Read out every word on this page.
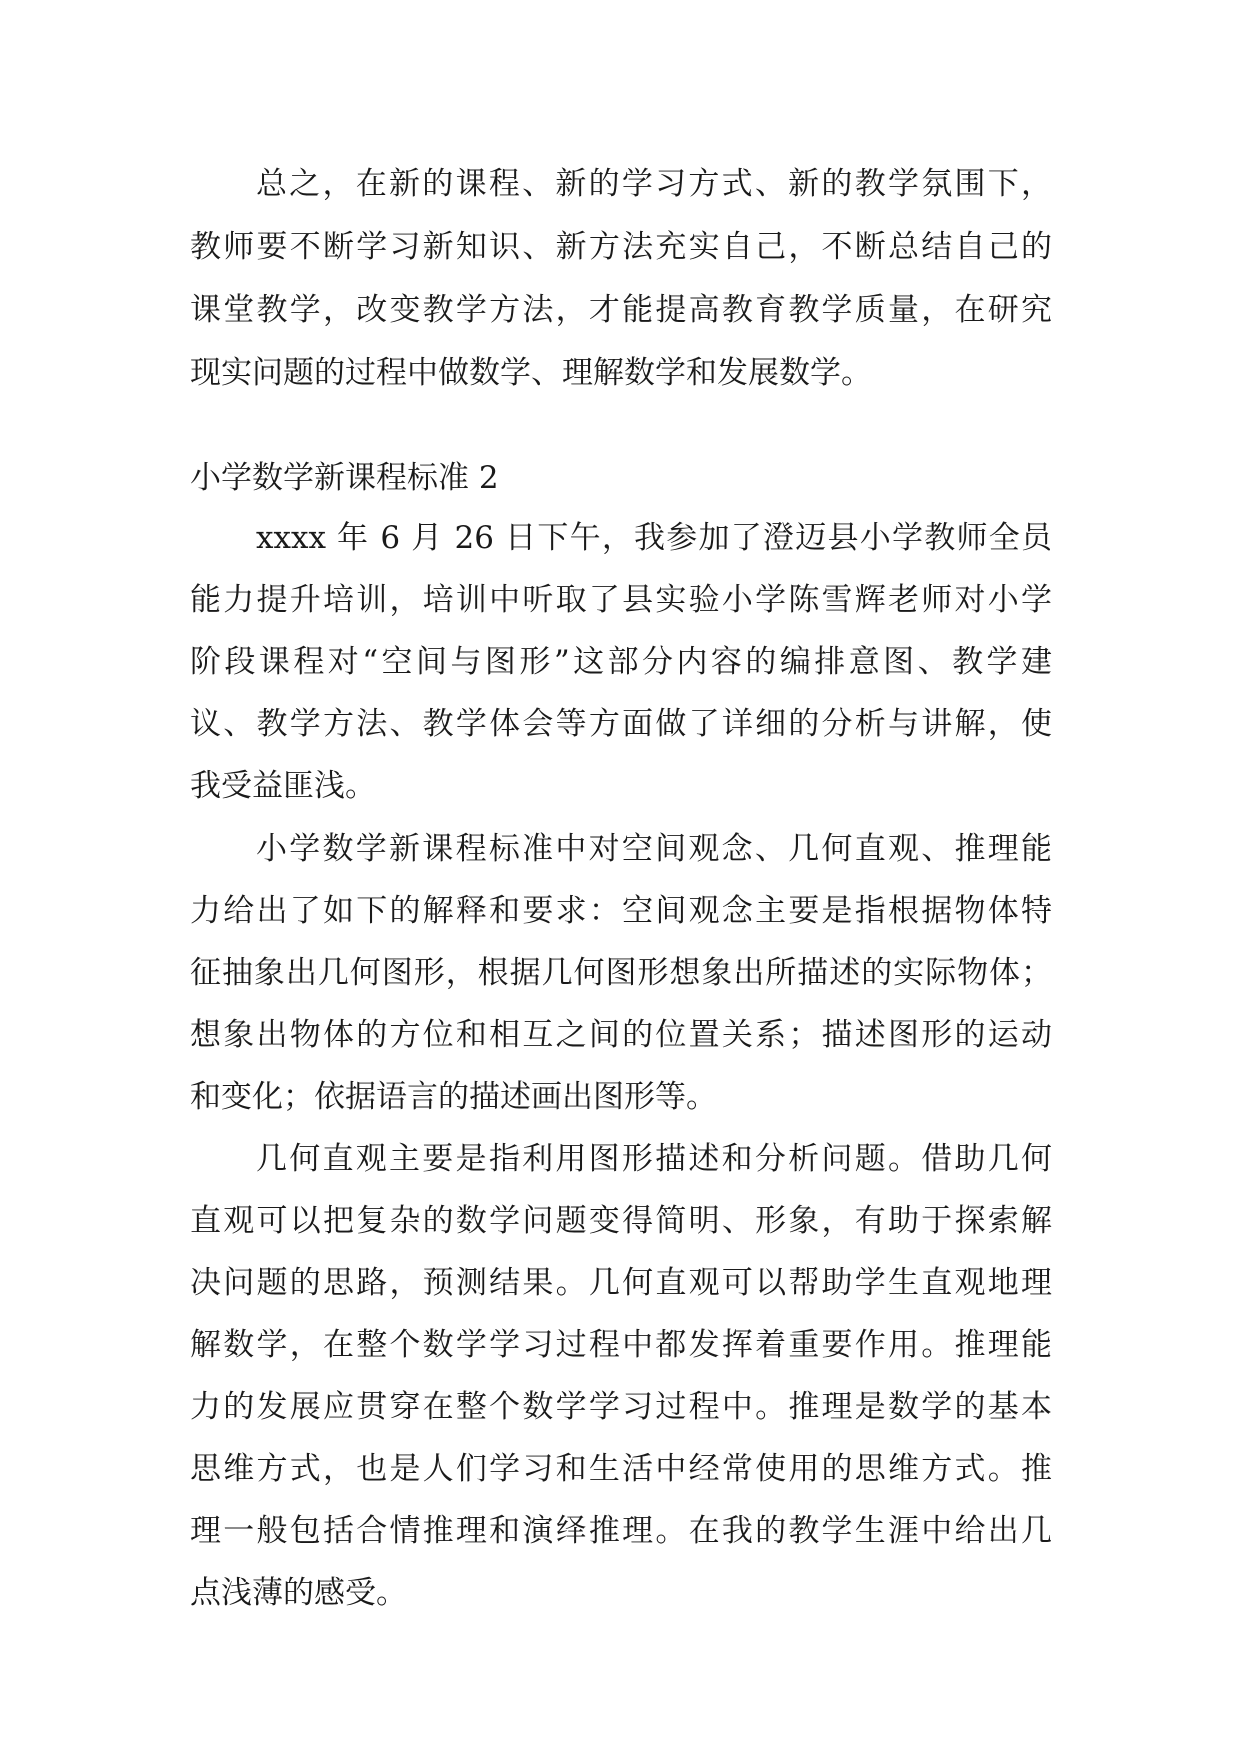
总之，在新的课程、新的学习方式、新的教学氛围下，
教师要不断学习新知识、新方法充实自己，不断总结自己的
课堂教学，改变教学方法，才能提高教育教学质量，在研究
现实问题的过程中做数学、理解数学和发展数学。
小学数学新课程标准 2
xxxx 年 6 月 26 日下午，我参加了澄迈县小学教师全员
能力提升培训，培训中听取了县实验小学陈雪辉老师对小学
阶段课程对“空间与图形”这部分内容的编排意图、教学建
议、教学方法、教学体会等方面做了详细的分析与讲解，使
我受益匪浅。
小学数学新课程标准中对空间观念、几何直观、推理能
力给出了如下的解释和要求：空间观念主要是指根据物体特
征抽象出几何图形，根据几何图形想象出所描述的实际物体；
想象出物体的方位和相互之间的位置关系；描述图形的运动
和变化；依据语言的描述画出图形等。
几何直观主要是指利用图形描述和分析问题。借助几何
直观可以把复杂的数学问题变得简明、形象，有助于探索解
决问题的思路，预测结果。几何直观可以帮助学生直观地理
解数学，在整个数学学习过程中都发挥着重要作用。推理能
力的发展应贯穿在整个数学学习过程中。推理是数学的基本
思维方式，也是人们学习和生活中经常使用的思维方式。推
理一般包括合情推理和演绎推理。在我的教学生涯中给出几
点浅薄的感受。
